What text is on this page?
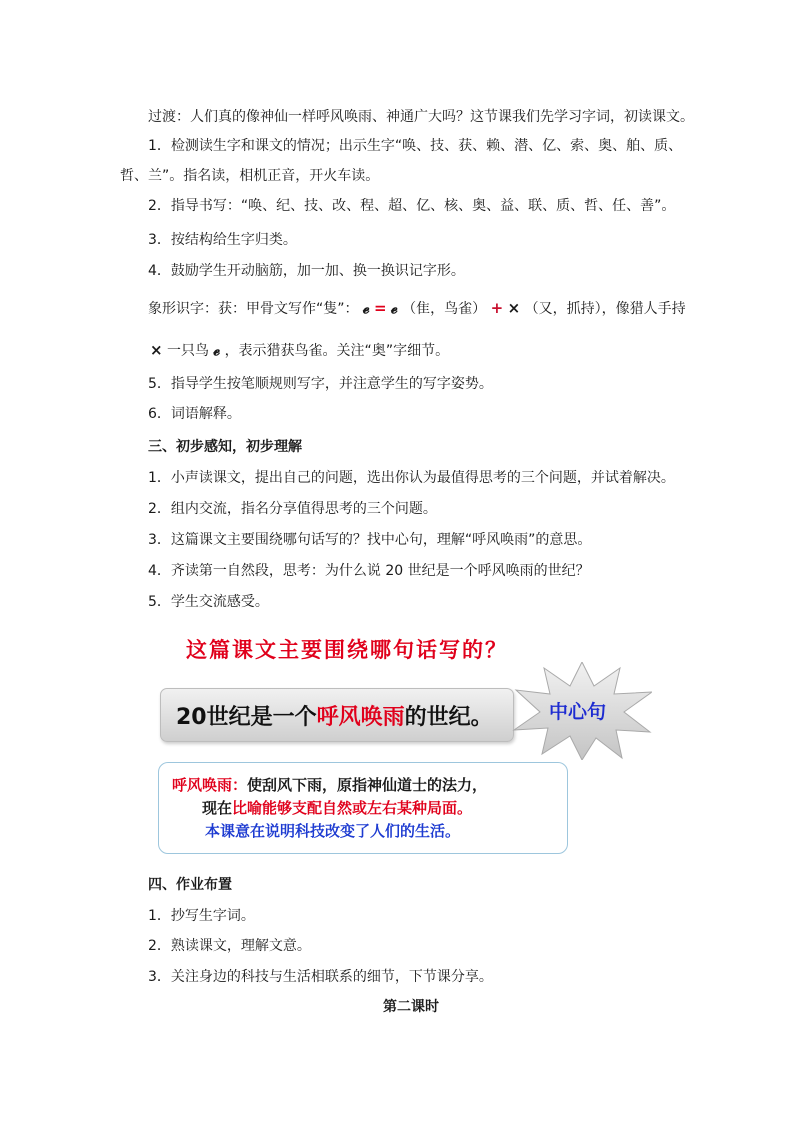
过渡：人们真的像神仙一样呼风唤雨、神通广大吗？这节课我们先学习字词，初读课文。
1．检测读生字和课文的情况；出示生字“唤、技、获、赖、潜、亿、索、奥、舶、质、
哲、兰”。指名读，相机正音，开火车读。
2．指导书写：“唤、纪、技、改、程、超、亿、核、奥、益、联、质、哲、任、善”。
3．按结构给生字归类。
4．鼓励学生开动脑筋，加一加、换一换识记字形。
象形识字：获：甲骨文写作“隻”： 𝓮 = 𝓮 （隹，鸟雀） + × （又，抓持），像猎人手持
× 一只鸟 𝓮 ，表示猎获鸟雀。关注“奥”字细节。
5．指导学生按笔顺规则写字，并注意学生的写字姿势。
6．词语解释。
三、初步感知，初步理解
1．小声读课文，提出自己的问题，选出你认为最值得思考的三个问题，并试着解决。
2．组内交流，指名分享值得思考的三个问题。
3．这篇课文主要围绕哪句话写的？找中心句，理解“呼风唤雨”的意思。
4．齐读第一自然段，思考：为什么说 20 世纪是一个呼风唤雨的世纪？
5．学生交流感受。
这篇课文主要围绕哪句话写的？
20世纪是一个呼风唤雨的世纪。	中心句
呼风唤雨：使刮风下雨，原指神仙道士的法力，
现在比喻能够支配自然或左右某种局面。
本课意在说明科技改变了人们的生活。
四、作业布置
1．抄写生字词。
2．熟读课文，理解文意。
3．关注身边的科技与生活相联系的细节，下节课分享。
第二课时
